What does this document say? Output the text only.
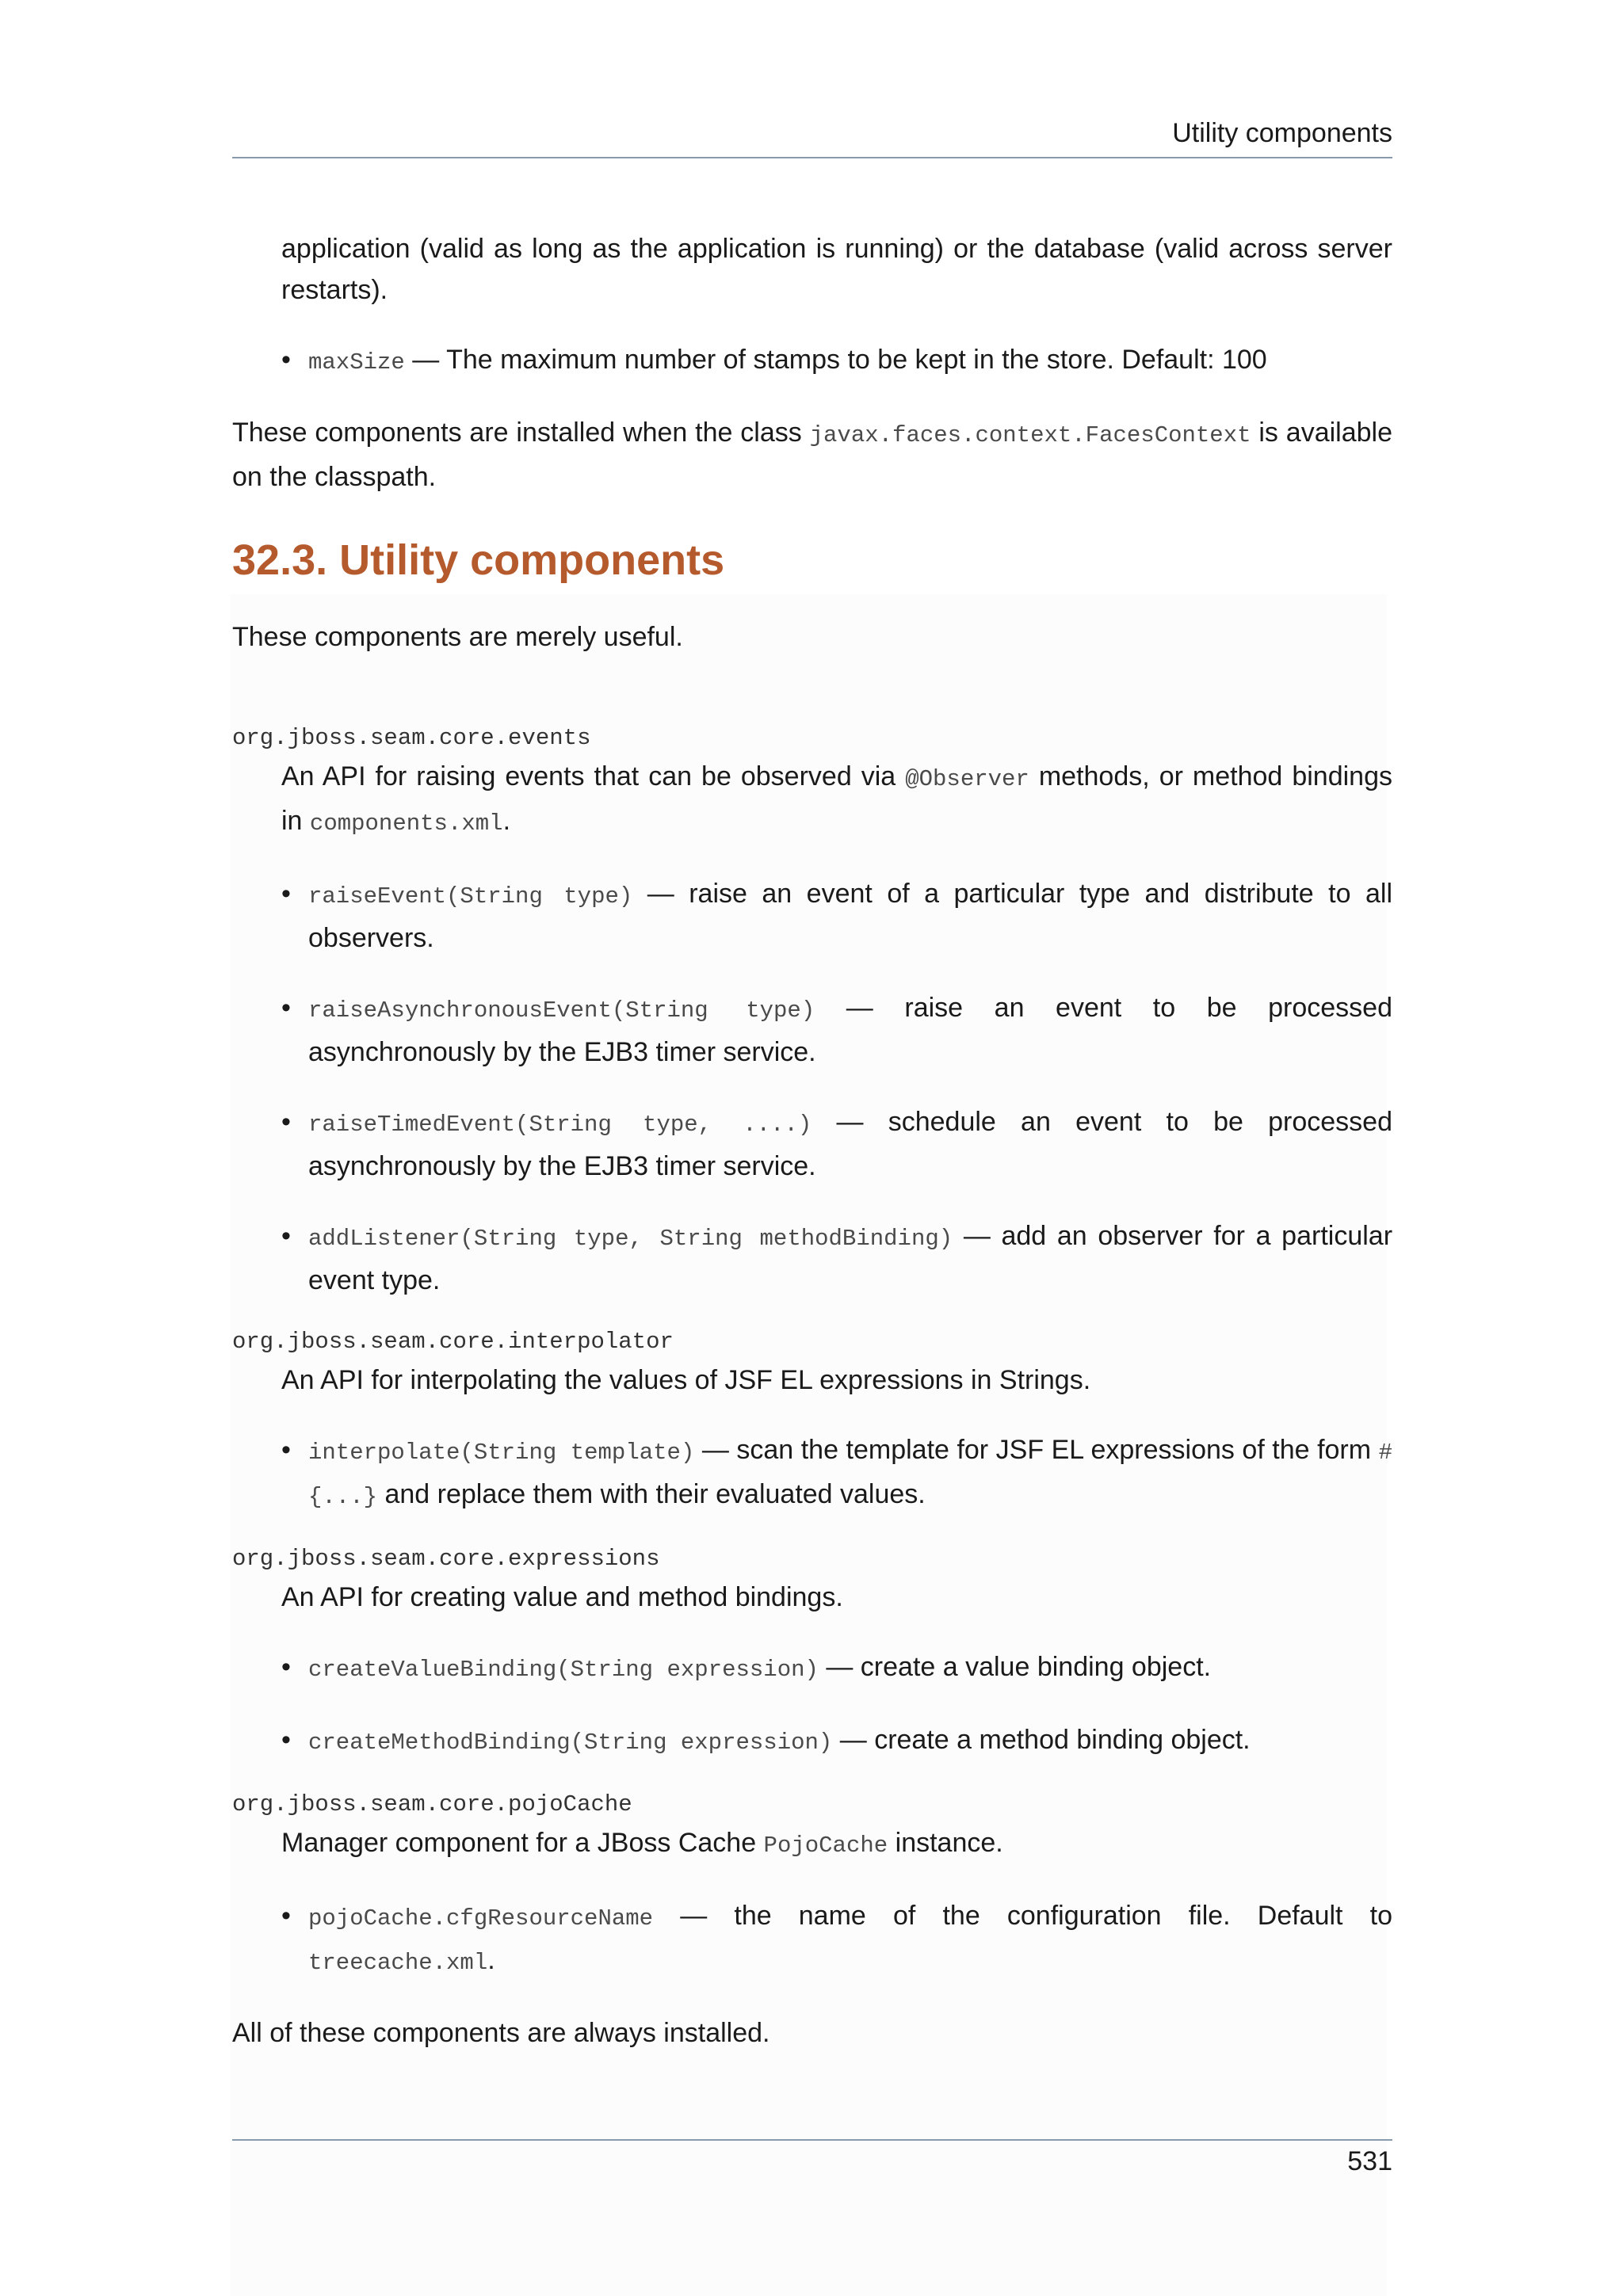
Utility components

application (valid as long as the application is running) or the database (valid across server restarts).

• maxSize — The maximum number of stamps to be kept in the store. Default: 100

These components are installed when the class javax.faces.context.FacesContext is available on the classpath.

32.3. Utility components

These components are merely useful.

org.jboss.seam.core.events

An API for raising events that can be observed via @Observer methods, or method bindings in components.xml.

• raiseEvent(String type) — raise an event of a particular type and distribute to all observers.
• raiseAsynchronousEvent(String type) — raise an event to be processed asynchronously by the EJB3 timer service.
• raiseTimedEvent(String type, ....) — schedule an event to be processed asynchronously by the EJB3 timer service.
• addListener(String type, String methodBinding) — add an observer for a particular event type.
org.jboss.seam.core.interpolator

An API for interpolating the values of JSF EL expressions in Strings.

• interpolate(String template) — scan the template for JSF EL expressions of the form #{...} and replace them with their evaluated values.
org.jboss.seam.core.expressions

An API for creating value and method bindings.

• createValueBinding(String expression) — create a value binding object.
• createMethodBinding(String expression) — create a method binding object.
org.jboss.seam.core.pojoCache

Manager component for a JBoss Cache PojoCache instance.

• pojoCache.cfgResourceName — the name of the configuration file. Default to treecache.xml.

All of these components are always installed.

531
